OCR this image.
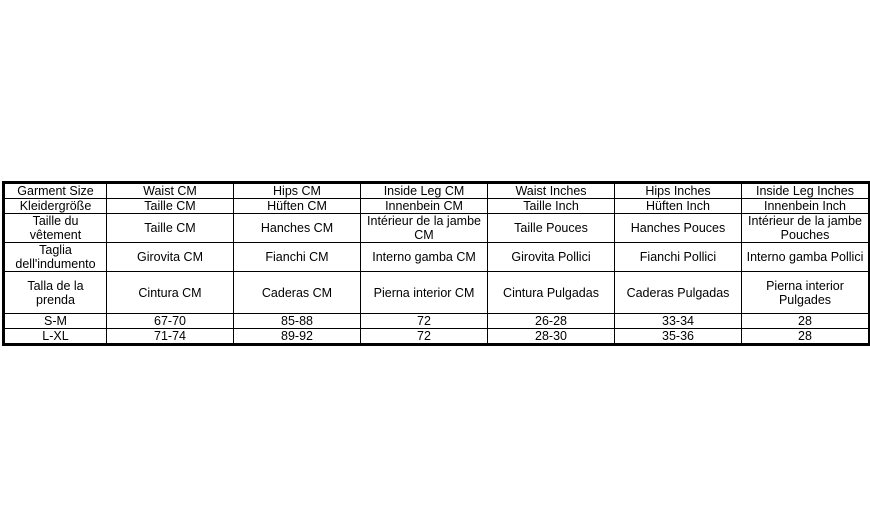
Garment Size	Waist CM	Hips CM	Inside Leg CM	Waist Inches	Hips Inches	Inside Leg Inches
Kleidergröße	Taille CM	Hüften CM	Innenbein CM	Taille Inch	Hüften Inch	Innenbein Inch
Taille du vêtement	Taille CM	Hanches CM	Intérieur de la jambe CM	Taille Pouces	Hanches Pouces	Intérieur de la jambe Pouches
Taglia dell'indumento	Girovita CM	Fianchi CM	Interno gamba CM	Girovita Pollici	Fianchi Pollici	Interno gamba Pollici
Talla de la prenda	Cintura CM	Caderas CM	Pierna interior CM	Cintura Pulgadas	Caderas Pulgadas	Pierna interior Pulgades
S-M	67-70	85-88	72	26-28	33-34	28
L-XL	71-74	89-92	72	28-30	35-36	28
